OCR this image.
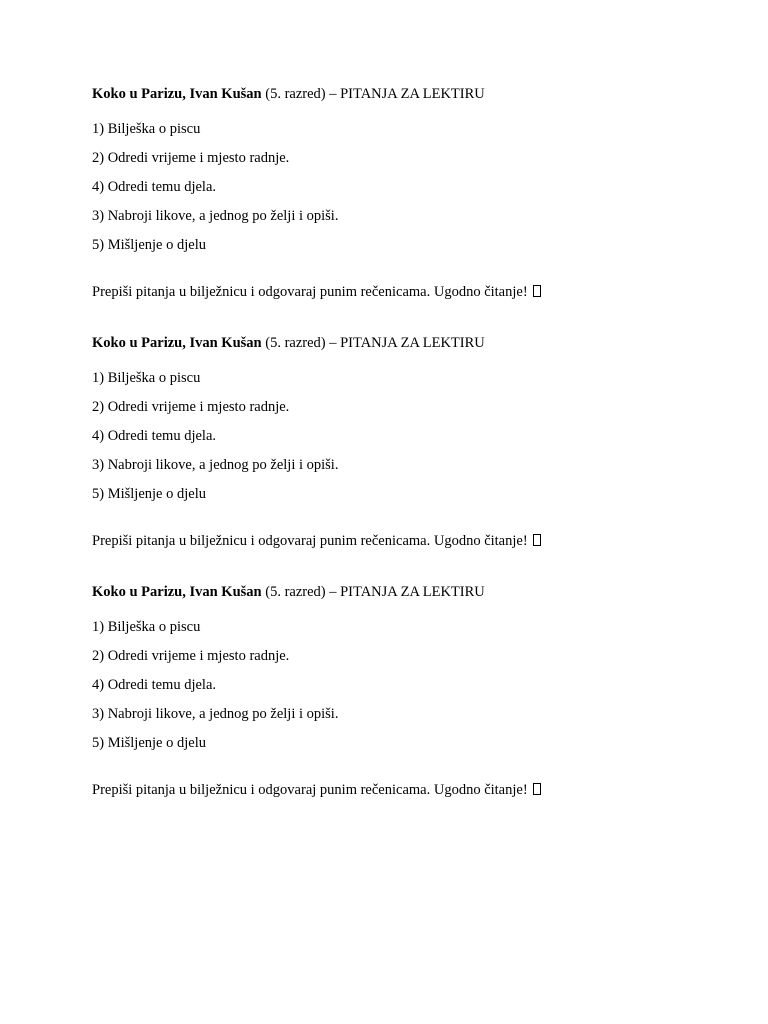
Koko u Parizu, Ivan Kušan (5. razred) – PITANJA ZA LEKTIRU
1) Bilješka o piscu
2) Odredi vrijeme i mjesto radnje.
4) Odredi temu djela.
3) Nabroji likove, a jednog po želji i opiši.
5) Mišljenje o djelu
Prepiši pitanja u bilježnicu i odgovaraj punim rečenicama. Ugodno čitanje!
Koko u Parizu, Ivan Kušan (5. razred) – PITANJA ZA LEKTIRU
1) Bilješka o piscu
2) Odredi vrijeme i mjesto radnje.
4) Odredi temu djela.
3) Nabroji likove, a jednog po želji i opiši.
5) Mišljenje o djelu
Prepiši pitanja u bilježnicu i odgovaraj punim rečenicama. Ugodno čitanje!
Koko u Parizu, Ivan Kušan (5. razred) – PITANJA ZA LEKTIRU
1) Bilješka o piscu
2) Odredi vrijeme i mjesto radnje.
4) Odredi temu djela.
3) Nabroji likove, a jednog po želji i opiši.
5) Mišljenje o djelu
Prepiši pitanja u bilježnicu i odgovaraj punim rečenicama. Ugodno čitanje!
